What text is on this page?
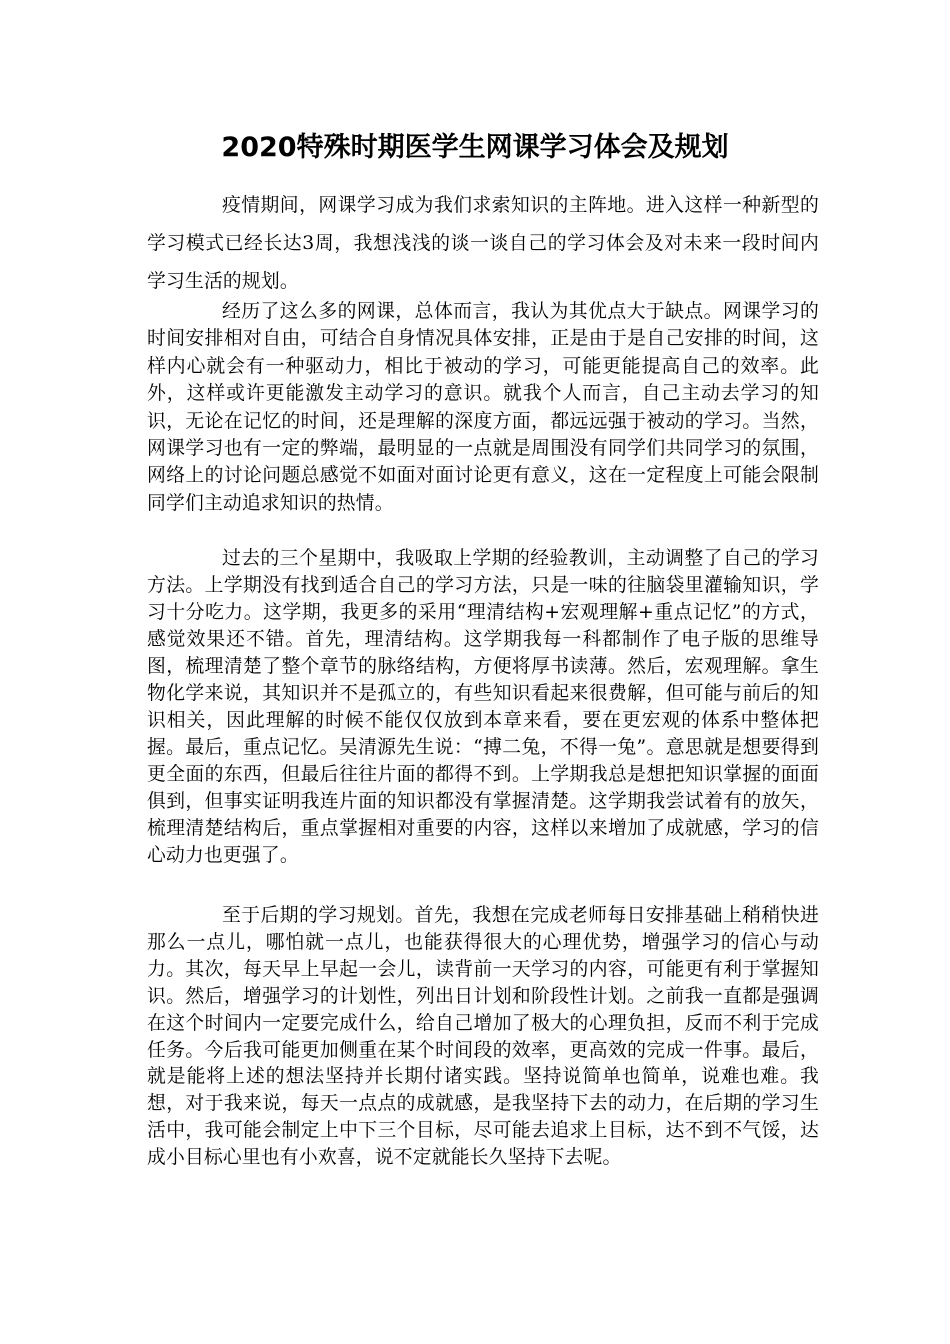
2020特殊时期医学生网课学习体会及规划

疫情期间，网课学习成为我们求索知识的主阵地。进入这样一种新型的学习模式已经长达3周，我想浅浅的谈一谈自己的学习体会及对未来一段时间内学习生活的规划。

经历了这么多的网课，总体而言，我认为其优点大于缺点。网课学习的时间安排相对自由，可结合自身情况具体安排，正是由于是自己安排的时间，这样内心就会有一种驱动力，相比于被动的学习，可能更能提高自己的效率。此外，这样或许更能激发主动学习的意识。就我个人而言，自己主动去学习的知识，无论在记忆的时间，还是理解的深度方面，都远远强于被动的学习。当然，网课学习也有一定的弊端，最明显的一点就是周围没有同学们共同学习的氛围，网络上的讨论问题总感觉不如面对面讨论更有意义，这在一定程度上可能会限制同学们主动追求知识的热情。

过去的三个星期中，我吸取上学期的经验教训，主动调整了自己的学习方法。上学期没有找到适合自己的学习方法，只是一味的往脑袋里灌输知识，学习十分吃力。这学期，我更多的采用“理清结构+宏观理解+重点记忆”的方式，感觉效果还不错。首先，理清结构。这学期我每一科都制作了电子版的思维导图，梳理清楚了整个章节的脉络结构，方便将厚书读薄。然后，宏观理解。拿生物化学来说，其知识并不是孤立的，有些知识看起来很费解，但可能与前后的知识相关，因此理解的时候不能仅仅放到本章来看，要在更宏观的体系中整体把握。最后，重点记忆。吴清源先生说：“搏二兔，不得一兔”。意思就是想要得到更全面的东西，但最后往往片面的都得不到。上学期我总是想把知识掌握的面面俱到，但事实证明我连片面的知识都没有掌握清楚。这学期我尝试着有的放矢，梳理清楚结构后，重点掌握相对重要的内容，这样以来增加了成就感，学习的信心动力也更强了。

至于后期的学习规划。首先，我想在完成老师每日安排基础上稍稍快进那么一点儿，哪怕就一点儿，也能获得很大的心理优势，增强学习的信心与动力。其次，每天早上早起一会儿，读背前一天学习的内容，可能更有利于掌握知识。然后，增强学习的计划性，列出日计划和阶段性计划。之前我一直都是强调在这个时间内一定要完成什么，给自己增加了极大的心理负担，反而不利于完成任务。今后我可能更加侧重在某个时间段的效率，更高效的完成一件事。最后，就是能将上述的想法坚持并长期付诸实践。坚持说简单也简单，说难也难。我想，对于我来说，每天一点点的成就感，是我坚持下去的动力，在后期的学习生活中，我可能会制定上中下三个目标，尽可能去追求上目标，达不到不气馁，达成小目标心里也有小欢喜，说不定就能长久坚持下去呢。
